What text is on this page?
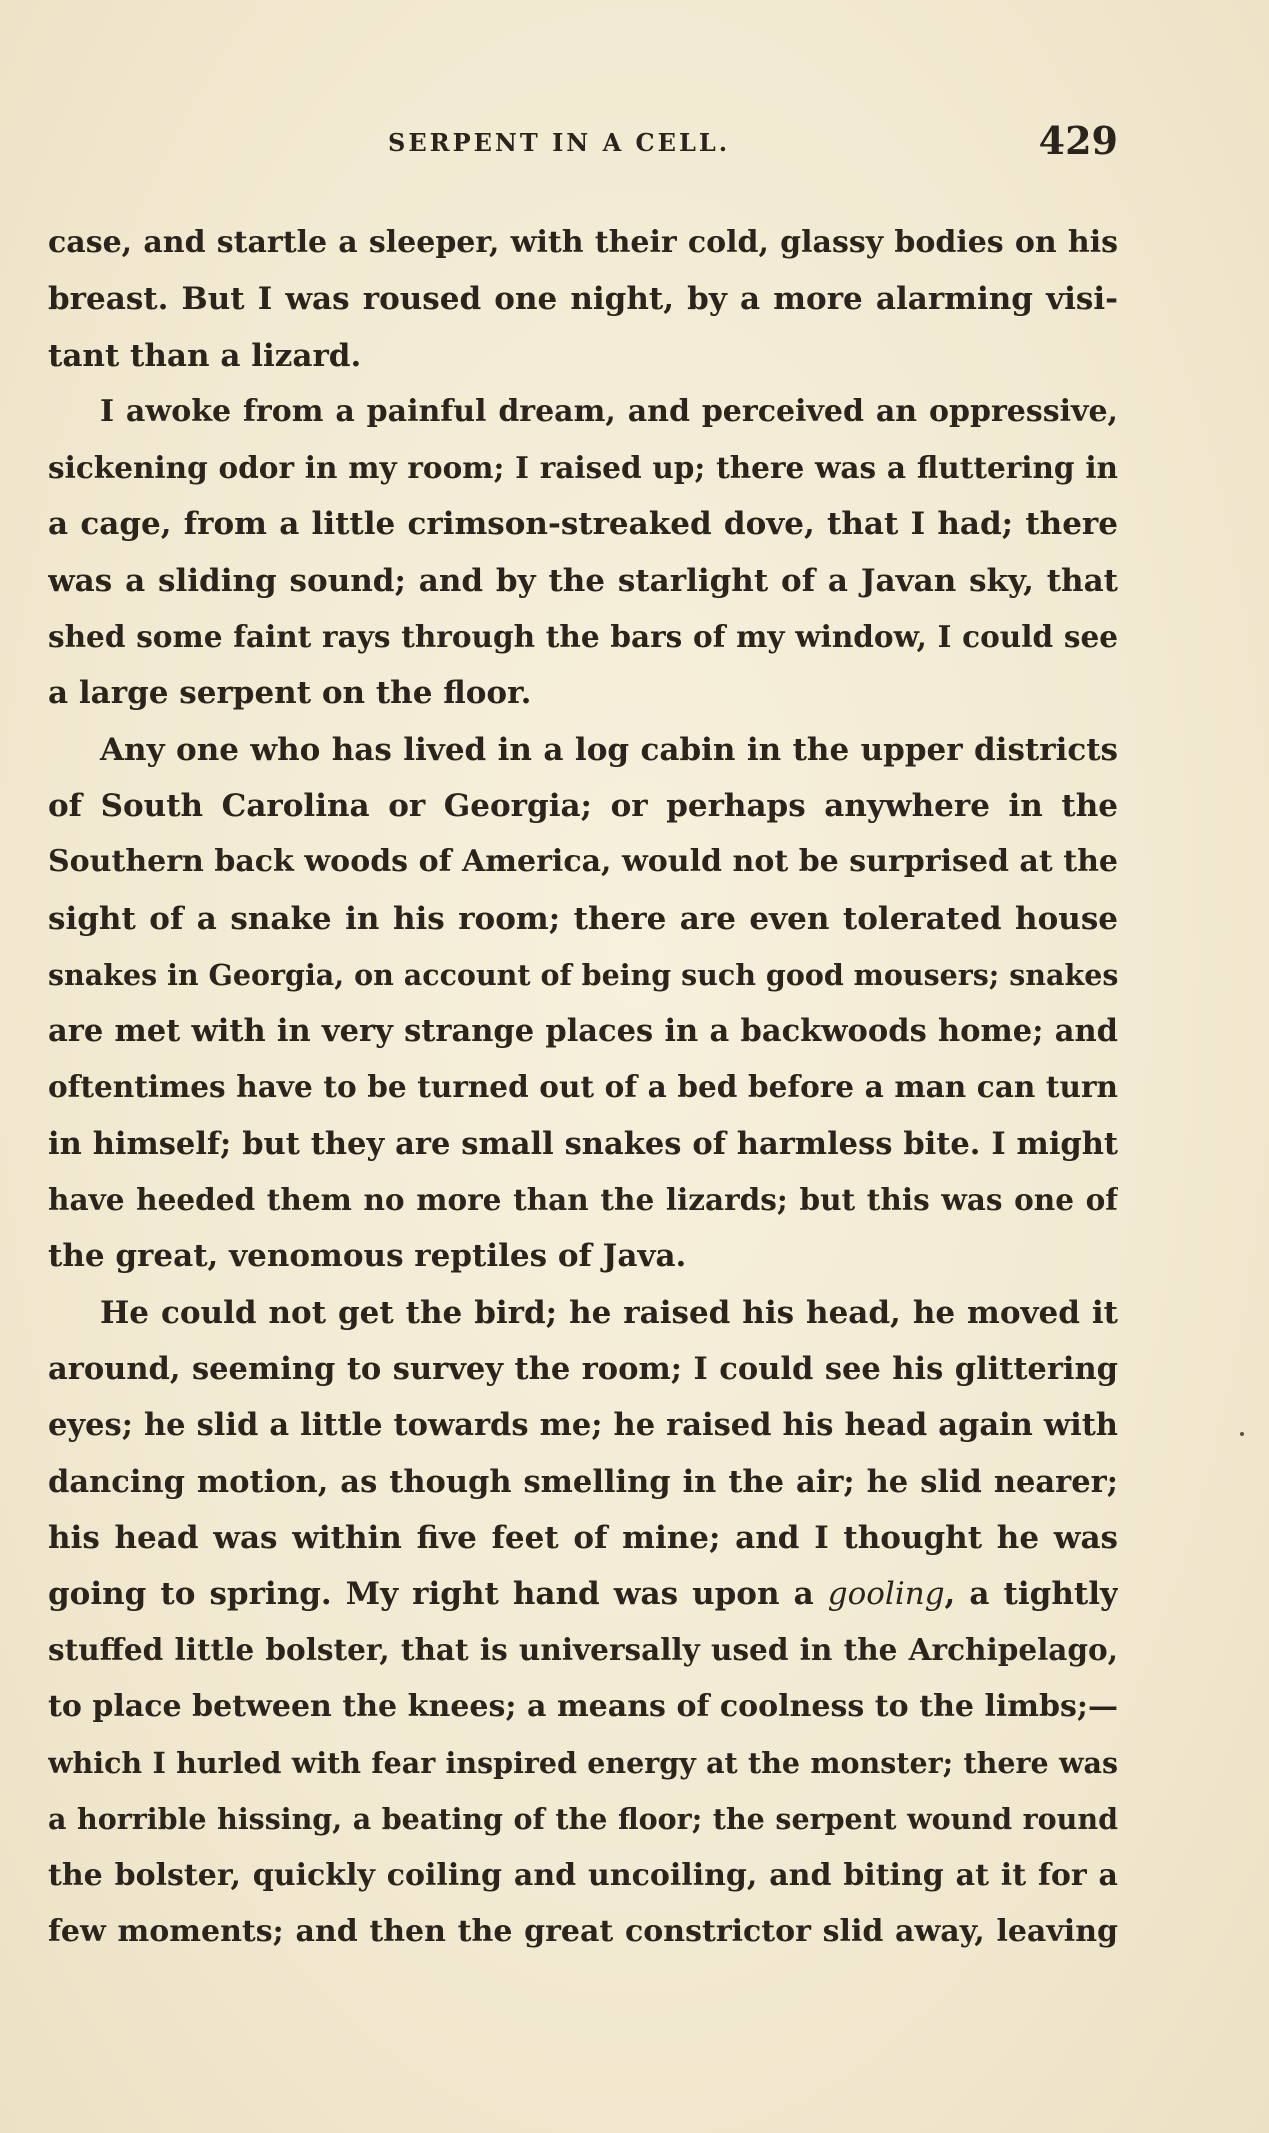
SERPENT IN A CELL.	429
case, and startle a sleeper, with their cold, glassy bodies on his
breast. But I was roused one night, by a more alarming visi-
tant than a lizard.
I awoke from a painful dream, and perceived an oppressive,
sickening odor in my room; I raised up; there was a fluttering in
a cage, from a little crimson-streaked dove, that I had; there
was a sliding sound; and by the starlight of a Javan sky, that
shed some faint rays through the bars of my window, I could see
a large serpent on the floor.
Any one who has lived in a log cabin in the upper districts
of South Carolina or Georgia; or perhaps anywhere in the
Southern back woods of America, would not be surprised at the
sight of a snake in his room; there are even tolerated house
snakes in Georgia, on account of being such good mousers; snakes
are met with in very strange places in a backwoods home; and
oftentimes have to be turned out of a bed before a man can turn
in himself; but they are small snakes of harmless bite. I might
have heeded them no more than the lizards; but this was one of
the great, venomous reptiles of Java.
He could not get the bird; he raised his head, he moved it
around, seeming to survey the room; I could see his glittering
eyes; he slid a little towards me; he raised his head again with
dancing motion, as though smelling in the air; he slid nearer;
his head was within five feet of mine; and I thought he was
going to spring. My right hand was upon a gooling, a tightly
stuffed little bolster, that is universally used in the Archipelago,
to place between the knees; a means of coolness to the limbs;—
which I hurled with fear inspired energy at the monster; there was
a horrible hissing, a beating of the floor; the serpent wound round
the bolster, quickly coiling and uncoiling, and biting at it for a
few moments; and then the great constrictor slid away, leaving
